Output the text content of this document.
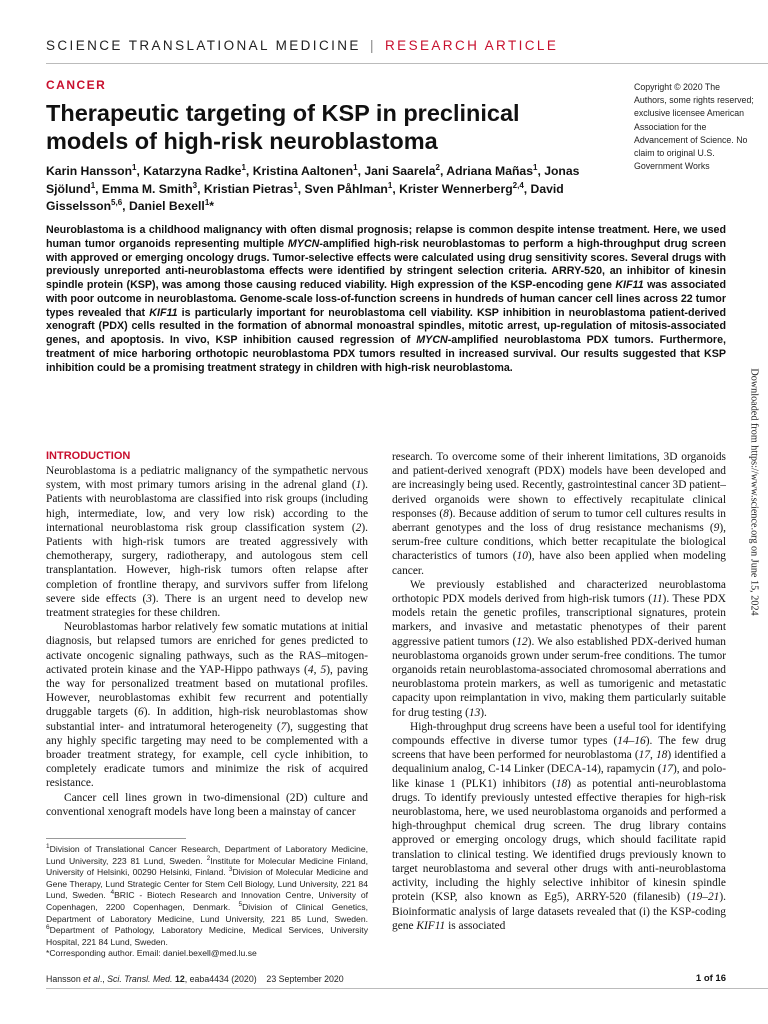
SCIENCE TRANSLATIONAL MEDICINE | RESEARCH ARTICLE
CANCER
Therapeutic targeting of KSP in preclinical models of high-risk neuroblastoma
Karin Hansson$^1$, Katarzyna Radke$^1$, Kristina Aaltonen$^1$, Jani Saarela$^2$, Adriana Mañas$^1$, Jonas Sjölund$^1$, Emma M. Smith$^3$, Kristian Pietras$^1$, Sven Påhlman$^1$, Krister Wennerberg$^{2,4}$, David Gisselsson$^{5,6}$, Daniel Bexell$^1$*
Copyright © 2020 The Authors, some rights reserved; exclusive licensee American Association for the Advancement of Science. No claim to original U.S. Government Works

Neuroblastoma is a childhood malignancy with often dismal prognosis; relapse is common despite intense treatment. Here, we used human tumor organoids representing multiple MYCN-amplified high-risk neuroblastomas to perform a high-throughput drug screen with approved or emerging oncology drugs. Tumor-selective effects were calculated using drug sensitivity scores. Several drugs with previously unreported anti-neuroblastoma effects were identified by stringent selection criteria. ARRY-520, an inhibitor of kinesin spindle protein (KSP), was among those causing reduced viability. High expression of the KSP-encoding gene KIF11 was associated with poor outcome in neuroblastoma. Genome-scale loss-of-function screens in hundreds of human cancer cell lines across 22 tumor types revealed that KIF11 is particularly important for neuroblastoma cell viability. KSP inhibition in neuroblastoma patient-derived xenograft (PDX) cells resulted in the formation of abnormal monoastral spindles, mitotic arrest, up-regulation of mitosis-associated genes, and apoptosis. In vivo, KSP inhibition caused regression of MYCN-amplified neuroblastoma PDX tumors. Furthermore, treatment of mice harboring orthotopic neuroblastoma PDX tumors resulted in increased survival. Our results suggested that KSP inhibition could be a promising treatment strategy in children with high-risk neuroblastoma.

Downloaded from https://www.science.org on June 15, 2024
INTRODUCTION

Neuroblastoma is a pediatric malignancy of the sympathetic nervous system, with most primary tumors arising in the adrenal gland (1). Patients with neuroblastoma are classified into risk groups (including high, intermediate, low, and very low risk) according to the international neuroblastoma risk group classification system (2). Patients with high-risk tumors are treated aggressively with chemotherapy, surgery, radiotherapy, and autologous stem cell transplantation. However, high-risk tumors often relapse after completion of frontline therapy, and survivors suffer from lifelong severe side effects (3). There is an urgent need to develop new treatment strategies for these children.

Neuroblastomas harbor relatively few somatic mutations at initial diagnosis, but relapsed tumors are enriched for genes predicted to activate oncogenic signaling pathways, such as the RAS–mitogen-activated protein kinase and the YAP-Hippo pathways (4, 5), paving the way for personalized treatment based on mutational profiles. However, neuroblastomas exhibit few recurrent and potentially druggable targets (6). In addition, high-risk neuroblastomas show substantial inter- and intratumoral heterogeneity (7), suggesting that any highly specific targeting may need to be complemented with a broader treatment strategy, for example, cell cycle inhibition, to completely eradicate tumors and minimize the risk of acquired resistance.

Cancer cell lines grown in two-dimensional (2D) culture and conventional xenograft models have long been a mainstay of cancer

research. To overcome some of their inherent limitations, 3D organoids and patient-derived xenograft (PDX) models have been developed and are increasingly being used. Recently, gastrointestinal cancer 3D patient–derived organoids were shown to effectively recapitulate clinical responses (8). Because addition of serum to tumor cell cultures results in aberrant genotypes and the loss of drug resistance mechanisms (9), serum-free culture conditions, which better recapitulate the biological characteristics of tumors (10), have also been applied when modeling cancer.

We previously established and characterized neuroblastoma orthotopic PDX models derived from high-risk tumors (11). These PDX models retain the genetic profiles, transcriptional signatures, protein markers, and invasive and metastatic phenotypes of their parent aggressive patient tumors (12). We also established PDX-derived human neuroblastoma organoids grown under serum-free conditions. The tumor organoids retain neuroblastoma-associated chromosomal aberrations and neuroblastoma protein markers, as well as tumorigenic and metastatic capacity upon reimplantation in vivo, making them particularly suitable for drug testing (13).

High-throughput drug screens have been a useful tool for identifying compounds effective in diverse tumor types (14–16). The few drug screens that have been performed for neuroblastoma (17, 18) identified a dequalinium analog, C-14 Linker (DECA-14), rapamycin (17), and polo-like kinase 1 (PLK1) inhibitors (18) as potential anti-neuroblastoma drugs. To identify previously untested effective therapies for high-risk neuroblastoma, here, we used neuroblastoma organoids and performed a high-throughput chemical drug screen. The drug library contains approved or emerging oncology drugs, which should facilitate rapid translation to clinical testing. We identified drugs previously known to target neuroblastoma and several other drugs with anti-neuroblastoma activity, including the highly selective inhibitor of kinesin spindle protein (KSP, also known as Eg5), ARRY-520 (filanesib) (19–21). Bioinformatic analysis of large datasets revealed that (i) the KSP-coding gene KIF11 is associated

$^1$Division of Translational Cancer Research, Department of Laboratory Medicine, Lund University, 223 81 Lund, Sweden. $^2$Institute for Molecular Medicine Finland, University of Helsinki, 00290 Helsinki, Finland. $^3$Division of Molecular Medicine and Gene Therapy, Lund Strategic Center for Stem Cell Biology, Lund University, 221 84 Lund, Sweden. $^4$BRIC - Biotech Research and Innovation Centre, University of Copenhagen, 2200 Copenhagen, Denmark. $^5$Division of Clinical Genetics, Department of Laboratory Medicine, Lund University, 221 85 Lund, Sweden. $^6$Department of Pathology, Laboratory Medicine, Medical Services, University Hospital, 221 84 Lund, Sweden.
*Corresponding author. Email: daniel.bexell@med.lu.se
Hansson et al., Sci. Transl. Med. 12, eaba4434 (2020)    23 September 2020	1 of 16
